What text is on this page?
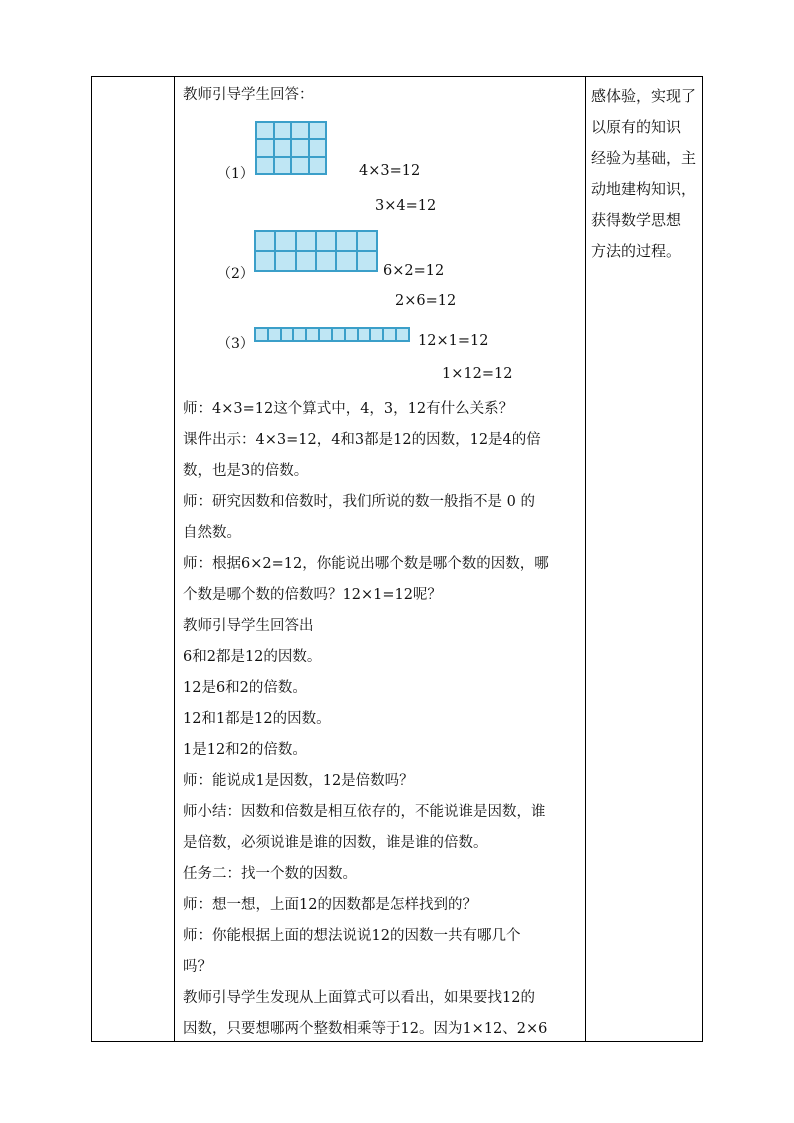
教师引导学生回答：
（1）	4×3=12
3×4=12
（2）	6×2=12
2×6=12
（3）	12×1=12
1×12=12
师：4×3=12这个算式中，4，3，12有什么关系？
课件出示：4×3=12，4和3都是12的因数，12是4的倍
数，也是3的倍数。
师：研究因数和倍数时，我们所说的数一般指不是 0 的
自然数。
师：根据6×2=12，你能说出哪个数是哪个数的因数，哪
个数是哪个数的倍数吗？12×1=12呢？
教师引导学生回答出
6和2都是12的因数。
12是6和2的倍数。
12和1都是12的因数。
1是12和2的倍数。
师：能说成1是因数，12是倍数吗？
师小结：因数和倍数是相互依存的，不能说谁是因数，谁
是倍数，必须说谁是谁的因数，谁是谁的倍数。
任务二：找一个数的因数。
师：想一想，上面12的因数都是怎样找到的？
师：你能根据上面的想法说说12的因数一共有哪几个
吗？
教师引导学生发现从上面算式可以看出，如果要找12的
因数，只要想哪两个整数相乘等于12。因为1×12、2×6
感体验，实现了
以原有的知识
经验为基础，主
动地建构知识，
获得数学思想
方法的过程。
